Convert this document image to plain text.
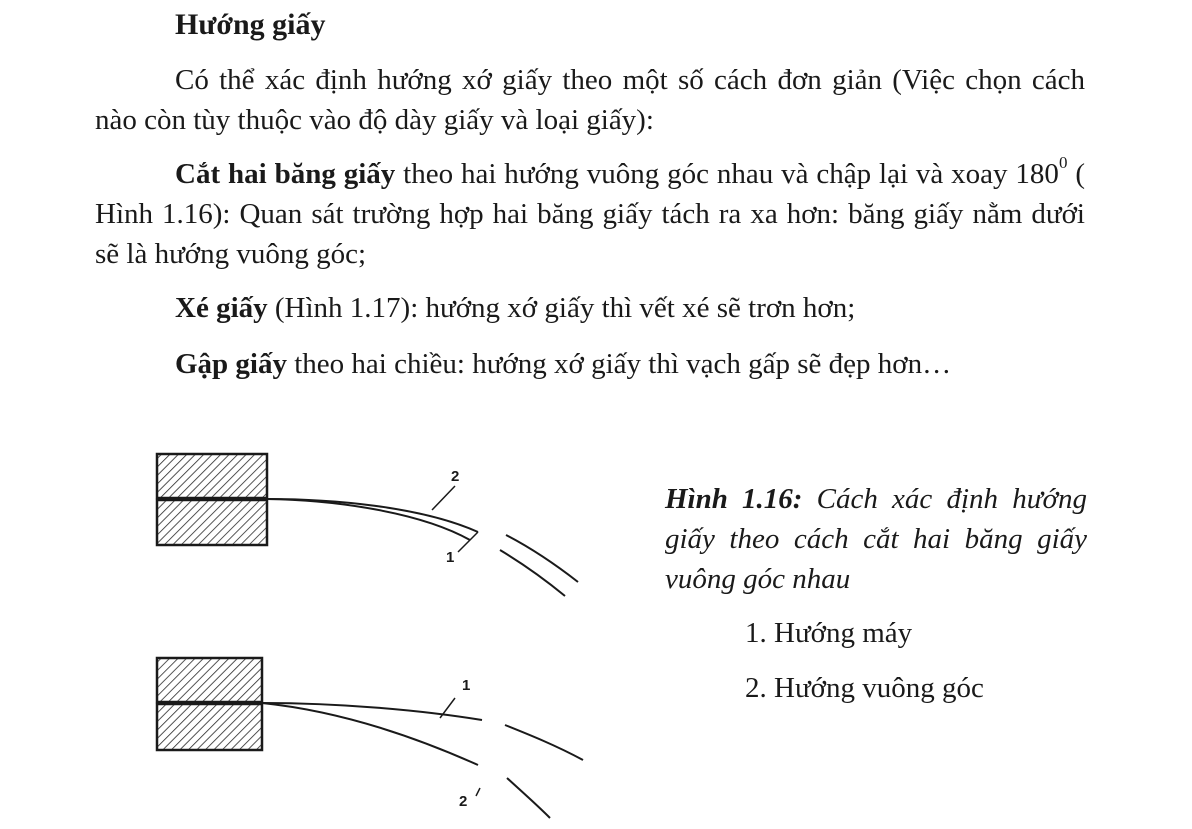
Hướng giấy

Có thể xác định hướng xớ giấy theo một số cách đơn giản (Việc chọn cách nào còn tùy thuộc vào độ dày giấy và loại giấy):

Cắt hai băng giấy theo hai hướng vuông góc nhau và chập lại và xoay $180^0$ ( Hình 1.16): Quan sát trường hợp hai băng giấy tách ra xa hơn: băng giấy nằm dưới sẽ là hướng vuông góc;

Xé giấy (Hình 1.17): hướng xớ giấy thì vết xé sẽ trơn hơn;

Gập giấy theo hai chiều: hướng xớ giấy thì vạch gấp sẽ đẹp hơn…

2
1
1
2

Hình 1.16: Cách xác định hướng giấy theo cách cắt hai băng giấy vuông góc nhau

1. Hướng máy

2. Hướng vuông góc
